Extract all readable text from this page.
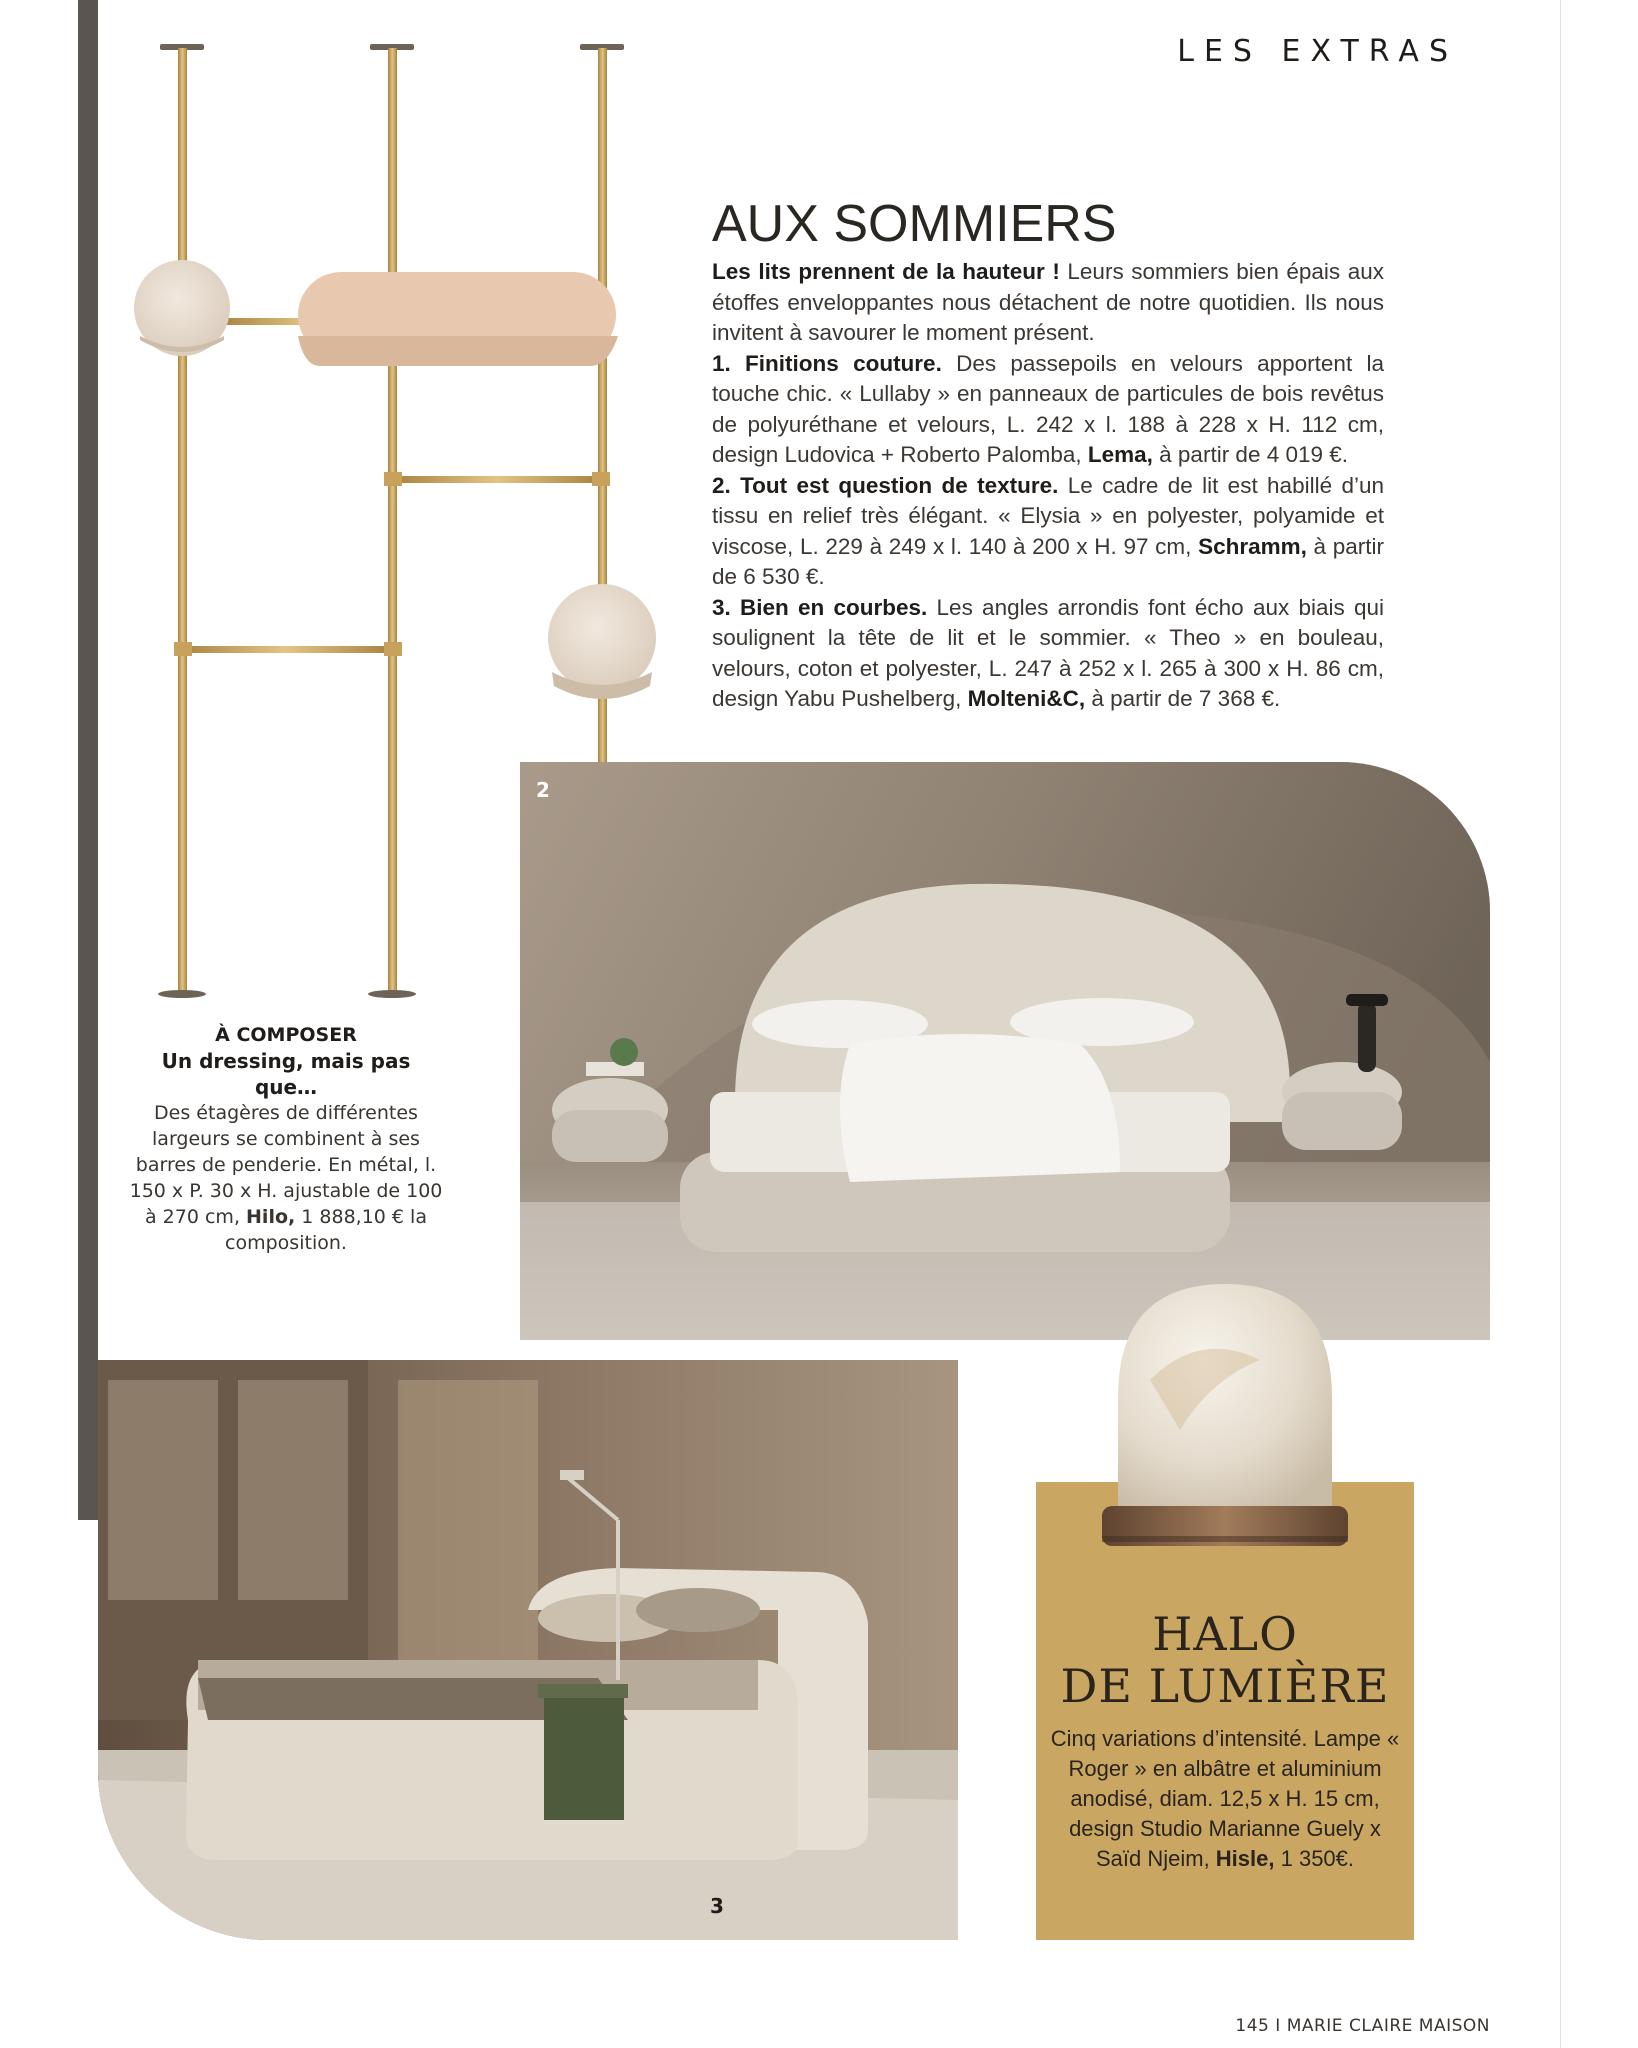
LES EXTRAS
À COMPOSER
Un dressing, mais pas que…
Des étagères de différentes largeurs se combinent à ses barres de penderie. En métal, l. 150 x P. 30 x H. ajustable de 100 à 270 cm, Hilo, 1 888,10 € la composition.
AUX SOMMIERS

Les lits prennent de la hauteur ! Leurs sommiers bien épais aux étoffes enveloppantes nous détachent de notre quotidien. Ils nous invitent à savourer le moment présent.

1. Finitions couture. Des passepoils en velours apportent la touche chic. « Lullaby » en panneaux de particules de bois revêtus de polyuréthane et velours, L. 242 x l. 188 à 228 x H. 112 cm, design Ludovica + Roberto Palomba, Lema, à partir de 4 019 €.

2. Tout est question de texture. Le cadre de lit est habillé d’un tissu en relief très élégant. « Elysia » en polyester, polyamide et viscose, L. 229 à 249 x l. 140 à 200 x H. 97 cm, Schramm, à partir de 6 530 €.

3. Bien en courbes. Les angles arrondis font écho aux biais qui soulignent la tête de lit et le sommier. « Theo » en bouleau, velours, coton et polyester, L. 247 à 252 x l. 265 à 300 x H. 86 cm, design Yabu Pushelberg, Molteni&C, à partir de 7 368 €.

2
3
HALO
DE LUMIÈRE
Cinq variations d’intensité. Lampe « Roger » en albâtre et aluminium anodisé, diam. 12,5 x H. 15 cm, design Studio Marianne Guely x Saïd Njeim, Hisle, 1 350€.
145 I MARIE CLAIRE MAISON
